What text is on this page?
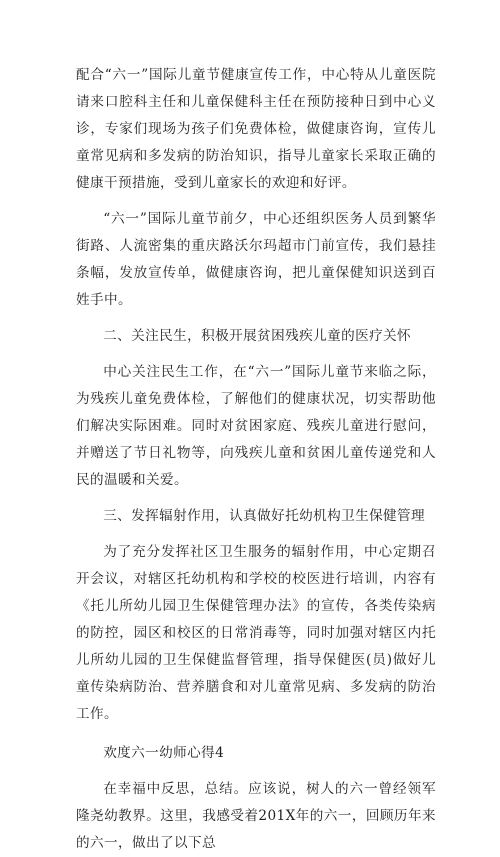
配合“六一”国际儿童节健康宣传工作，中心特从儿童医院请来口腔科主任和儿童保健科主任在预防接种日到中心义诊，专家们现场为孩子们免费体检，做健康咨询，宣传儿童常见病和多发病的防治知识，指导儿童家长采取正确的健康干预措施，受到儿童家长的欢迎和好评。

“六一”国际儿童节前夕，中心还组织医务人员到繁华街路、人流密集的重庆路沃尔玛超市门前宣传，我们悬挂条幅，发放宣传单，做健康咨询，把儿童保健知识送到百姓手中。

二、关注民生，积极开展贫困残疾儿童的医疗关怀

中心关注民生工作，在“六一”国际儿童节来临之际，为残疾儿童免费体检，了解他们的健康状况，切实帮助他们解决实际困难。同时对贫困家庭、残疾儿童进行慰问，并赠送了节日礼物等，向残疾儿童和贫困儿童传递党和人民的温暖和关爱。

三、发挥辐射作用，认真做好托幼机构卫生保健管理

为了充分发挥社区卫生服务的辐射作用，中心定期召开会议，对辖区托幼机构和学校的校医进行培训，内容有《托儿所幼儿园卫生保健管理办法》的宣传，各类传染病的防控，园区和校区的日常消毒等，同时加强对辖区内托儿所幼儿园的卫生保健监督管理，指导保健医(员)做好儿童传染病防治、营养膳食和对儿童常见病、多发病的防治工作。

欢度六一幼师心得4

在幸福中反思，总结。应该说，树人的六一曾经领军隆尧幼教界。这里，我感受着201X年的六一，回顾历年来的六一，做出了以下总
